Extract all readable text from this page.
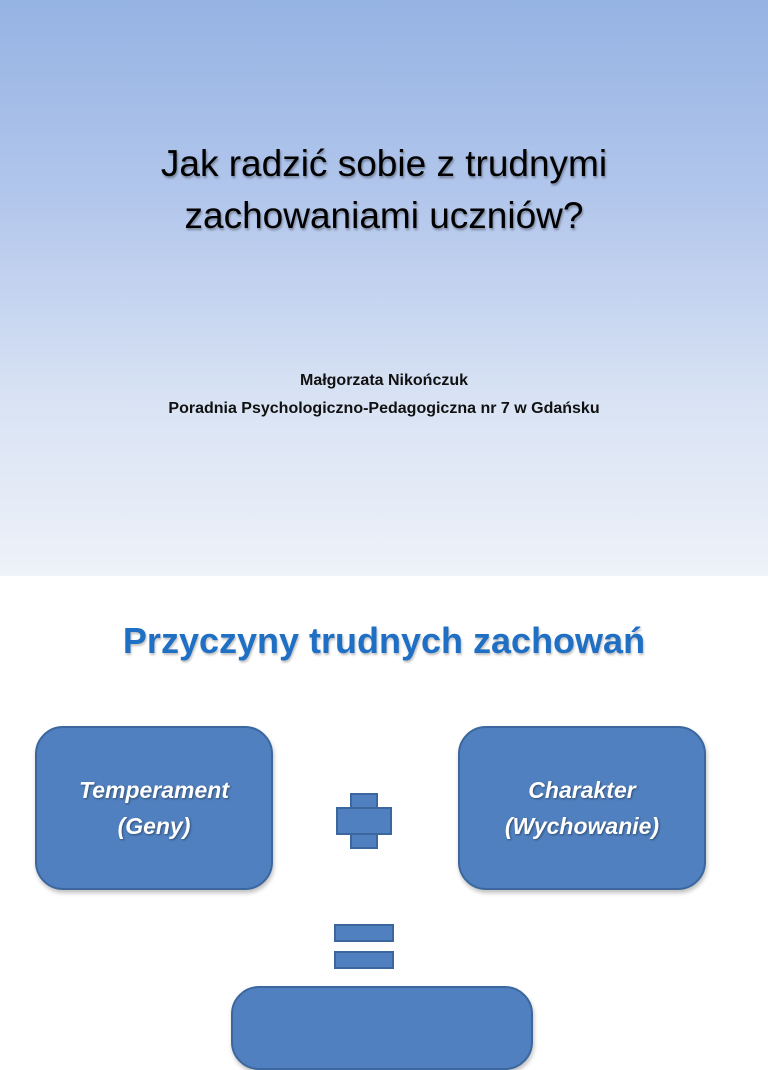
Jak radzić sobie z trudnymi
zachowaniami uczniów?
Małgorzata Nikończuk
Poradnia Psychologiczno-Pedagogiczna nr 7 w Gdańsku
Przyczyny trudnych zachowań
Temperament
(Geny)
Charakter
(Wychowanie)
